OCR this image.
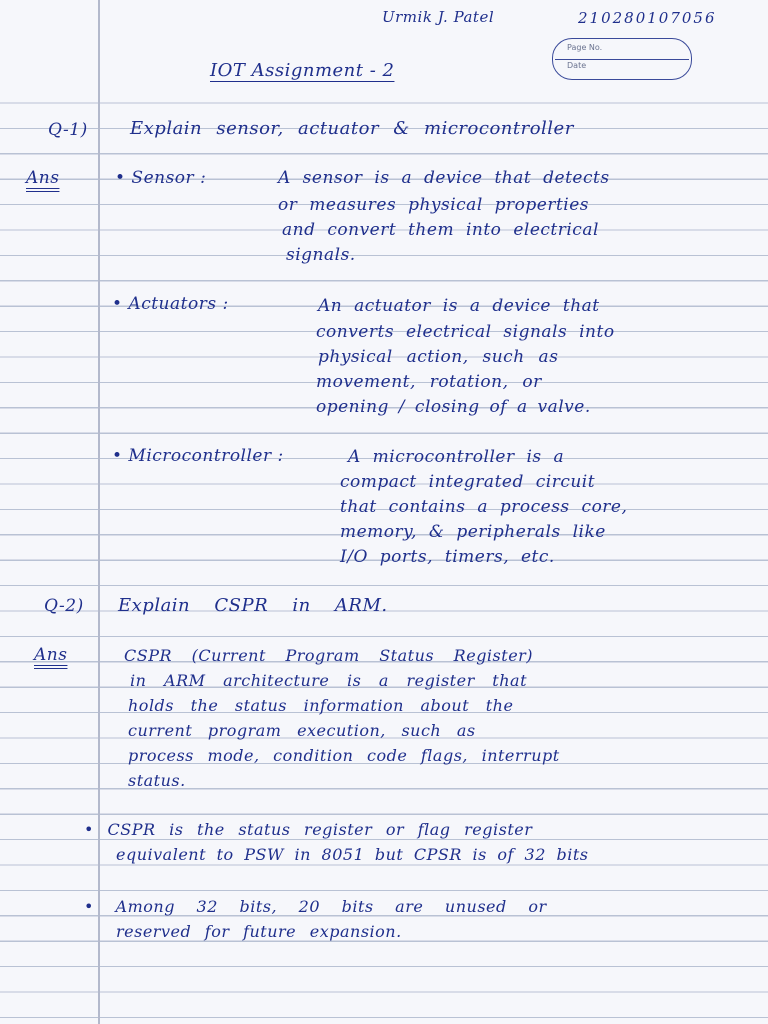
Urmik J. Patel	210280107056
Page No.
Date
IOT Assignment - 2
Q-1) Explain sensor, actuator & microcontroller
Ans	• Sensor :	A sensor is a device that detects
or measures physical properties
and convert them into electrical
signals.
• Actuators :	An actuator is a device that
converts electrical signals into
physical action, such as
movement, rotation, or
opening / closing of a valve.
• Microcontroller :	A microcontroller is a
compact integrated circuit
that contains a process core,
memory, & peripherals like
I/O ports, timers, etc.
Q-2) Explain CSPR in ARM.
Ans	CSPR (Current Program Status Register)
in ARM architecture is a register that
holds the status information about the
current program execution, such as
process mode, condition code flags, interrupt
status.
• CSPR is the status register or flag register
equivalent to PSW in 8051 but CPSR is of 32 bits
• Among 32 bits, 20 bits are unused or
reserved for future expansion.
